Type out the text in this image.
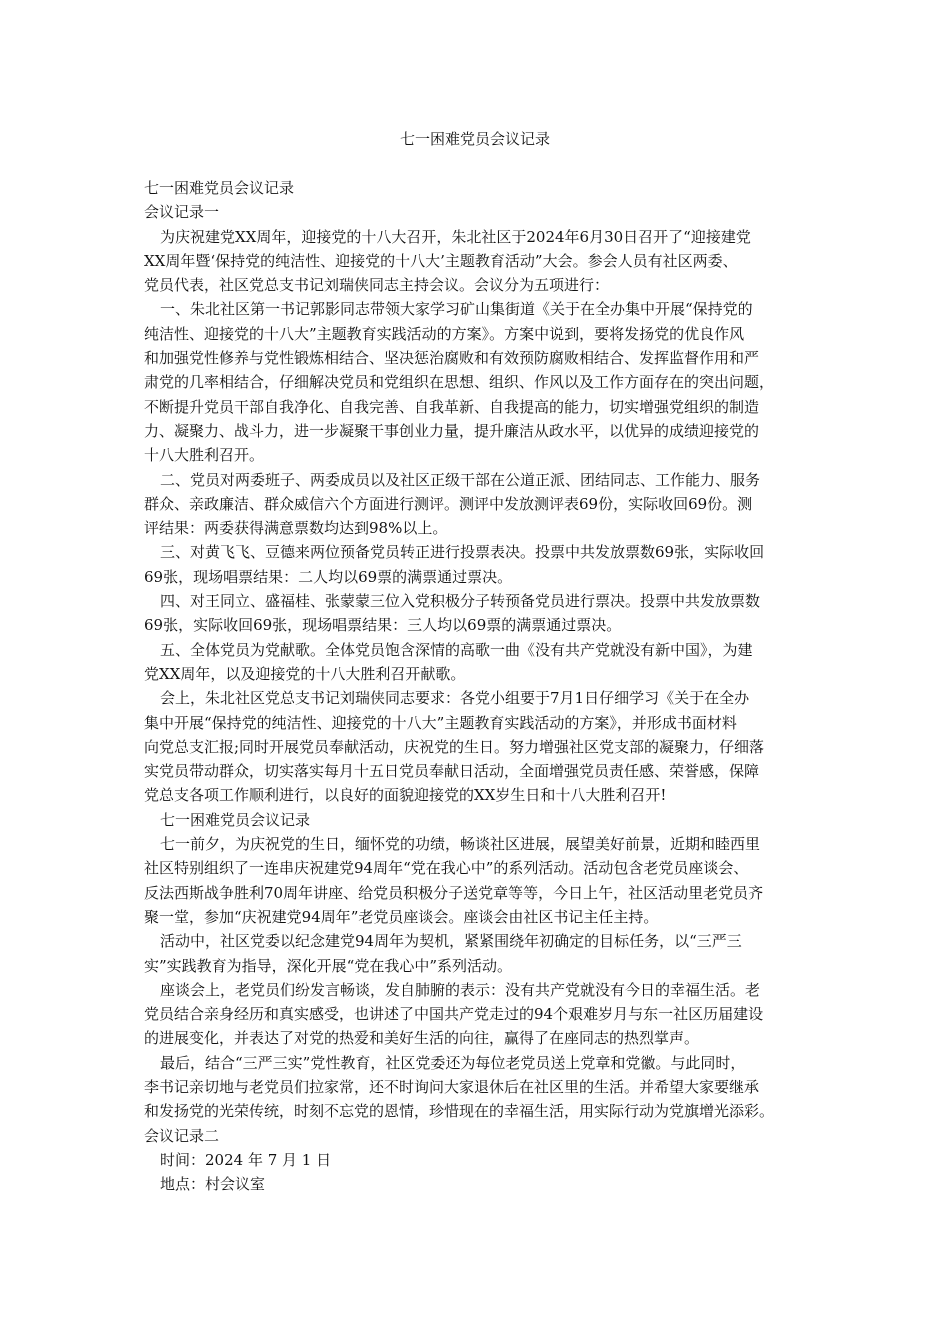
七一困难党员会议记录

七一困难党员会议记录

会议记录一

为庆祝建党XX周年，迎接党的十八大召开，朱北社区于2024年6月30日召开了“迎接建党

XX周年暨‘保持党的纯洁性、迎接党的十八大’主题教育活动”大会。参会人员有社区两委、

党员代表，社区党总支书记刘瑞侠同志主持会议。会议分为五项进行：

一、朱北社区第一书记郭影同志带领大家学习矿山集街道《关于在全办集中开展“保持党的

纯洁性、迎接党的十八大”主题教育实践活动的方案》。方案中说到，要将发扬党的优良作风

和加强党性修养与党性锻炼相结合、坚决惩治腐败和有效预防腐败相结合、发挥监督作用和严

肃党的几率相结合，仔细解决党员和党组织在思想、组织、作风以及工作方面存在的突出问题，

不断提升党员干部自我净化、自我完善、自我革新、自我提高的能力，切实增强党组织的制造

力、凝聚力、战斗力，进一步凝聚干事创业力量，提升廉洁从政水平，以优异的成绩迎接党的

十八大胜利召开。

二、党员对两委班子、两委成员以及社区正级干部在公道正派、团结同志、工作能力、服务

群众、亲政廉洁、群众威信六个方面进行测评。测评中发放测评表69份，实际收回69份。测

评结果：两委获得满意票数均达到98%以上。

三、对黄飞飞、豆德来两位预备党员转正进行投票表决。投票中共发放票数69张，实际收回

69张，现场唱票结果：二人均以69票的满票通过票决。

四、对王同立、盛福桂、张蒙蒙三位入党积极分子转预备党员进行票决。投票中共发放票数

69张，实际收回69张，现场唱票结果：三人均以69票的满票通过票决。

五、全体党员为党献歌。全体党员饱含深情的高歌一曲《没有共产党就没有新中国》，为建

党XX周年，以及迎接党的十八大胜利召开献歌。

会上，朱北社区党总支书记刘瑞侠同志要求：各党小组要于7月1日仔细学习《关于在全办

集中开展“保持党的纯洁性、迎接党的十八大”主题教育实践活动的方案》，并形成书面材料

向党总支汇报;同时开展党员奉献活动，庆祝党的生日。努力增强社区党支部的凝聚力，仔细落

实党员带动群众，切实落实每月十五日党员奉献日活动，全面增强党员责任感、荣誉感，保障

党总支各项工作顺利进行，以良好的面貌迎接党的XX岁生日和十八大胜利召开!

七一困难党员会议记录

七一前夕，为庆祝党的生日，缅怀党的功绩，畅谈社区进展，展望美好前景，近期和睦西里

社区特别组织了一连串庆祝建党94周年“党在我心中”的系列活动。活动包含老党员座谈会、

反法西斯战争胜利70周年讲座、给党员积极分子送党章等等，今日上午，社区活动里老党员齐

聚一堂，参加“庆祝建党94周年”老党员座谈会。座谈会由社区书记主任主持。

活动中，社区党委以纪念建党94周年为契机，紧紧围绕年初确定的目标任务，以“三严三

实”实践教育为指导，深化开展“党在我心中”系列活动。

座谈会上，老党员们纷发言畅谈，发自肺腑的表示：没有共产党就没有今日的幸福生活。老

党员结合亲身经历和真实感受，也讲述了中国共产党走过的94个艰难岁月与东一社区历届建设

的进展变化，并表达了对党的热爱和美好生活的向往，赢得了在座同志的热烈掌声。

最后，结合“三严三实”党性教育，社区党委还为每位老党员送上党章和党徽。与此同时，

李书记亲切地与老党员们拉家常，还不时询问大家退休后在社区里的生活。并希望大家要继承

和发扬党的光荣传统，时刻不忘党的恩情，珍惜现在的幸福生活，用实际行动为党旗增光添彩。

会议记录二

时间：2024 年 7 月 1 日

地点：村会议室
